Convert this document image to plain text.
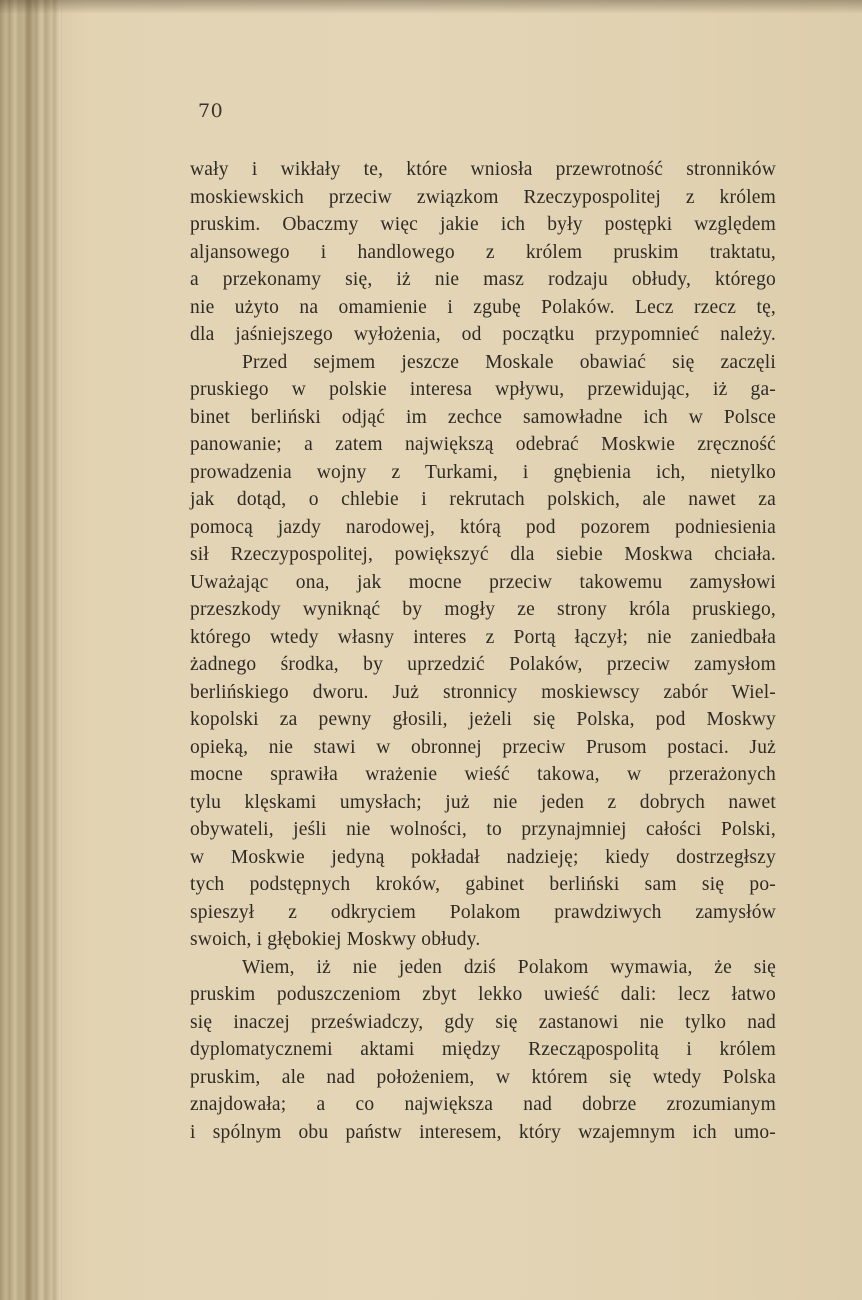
70
wały i wikłały te, które wniosła przewrotność stronników
moskiewskich przeciw związkom Rzeczypospolitej z królem
pruskim. Obaczmy więc jakie ich były postępki względem
aljansowego i handlowego z królem pruskim traktatu,
a przekonamy się, iż nie masz rodzaju obłudy, którego
nie użyto na omamienie i zgubę Polaków. Lecz rzecz tę,
dla jaśniejszego wyłożenia, od początku przypomnieć należy.
Przed sejmem jeszcze Moskale obawiać się zaczęli
pruskiego w polskie interesa wpływu, przewidując, iż ga-
binet berliński odjąć im zechce samowładne ich w Polsce
panowanie; a zatem największą odebrać Moskwie zręczność
prowadzenia wojny z Turkami, i gnębienia ich, nietylko
jak dotąd, o chlebie i rekrutach polskich, ale nawet za
pomocą jazdy narodowej, którą pod pozorem podniesienia
sił Rzeczypospolitej, powiększyć dla siebie Moskwa chciała.
Uważając ona, jak mocne przeciw takowemu zamysłowi
przeszkody wyniknąć by mogły ze strony króla pruskiego,
którego wtedy własny interes z Portą łączył; nie zaniedbała
żadnego środka, by uprzedzić Polaków, przeciw zamysłom
berlińskiego dworu. Już stronnicy moskiewscy zabór Wiel-
kopolski za pewny głosili, jeżeli się Polska, pod Moskwy
opieką, nie stawi w obronnej przeciw Prusom postaci. Już
mocne sprawiła wrażenie wieść takowa, w przerażonych
tylu klęskami umysłach; już nie jeden z dobrych nawet
obywateli, jeśli nie wolności, to przynajmniej całości Polski,
w Moskwie jedyną pokładał nadzieję; kiedy dostrzegłszy
tych podstępnych kroków, gabinet berliński sam się po-
spieszył z odkryciem Polakom prawdziwych zamysłów
swoich, i głębokiej Moskwy obłudy.
Wiem, iż nie jeden dziś Polakom wymawia, że się
pruskim poduszczeniom zbyt lekko uwieść dali: lecz łatwo
się inaczej przeświadczy, gdy się zastanowi nie tylko nad
dyplomatycznemi aktami między Rzecząpospolitą i królem
pruskim, ale nad położeniem, w którem się wtedy Polska
znajdowała; a co największa nad dobrze zrozumianym
i spólnym obu państw interesem, który wzajemnym ich umo-
